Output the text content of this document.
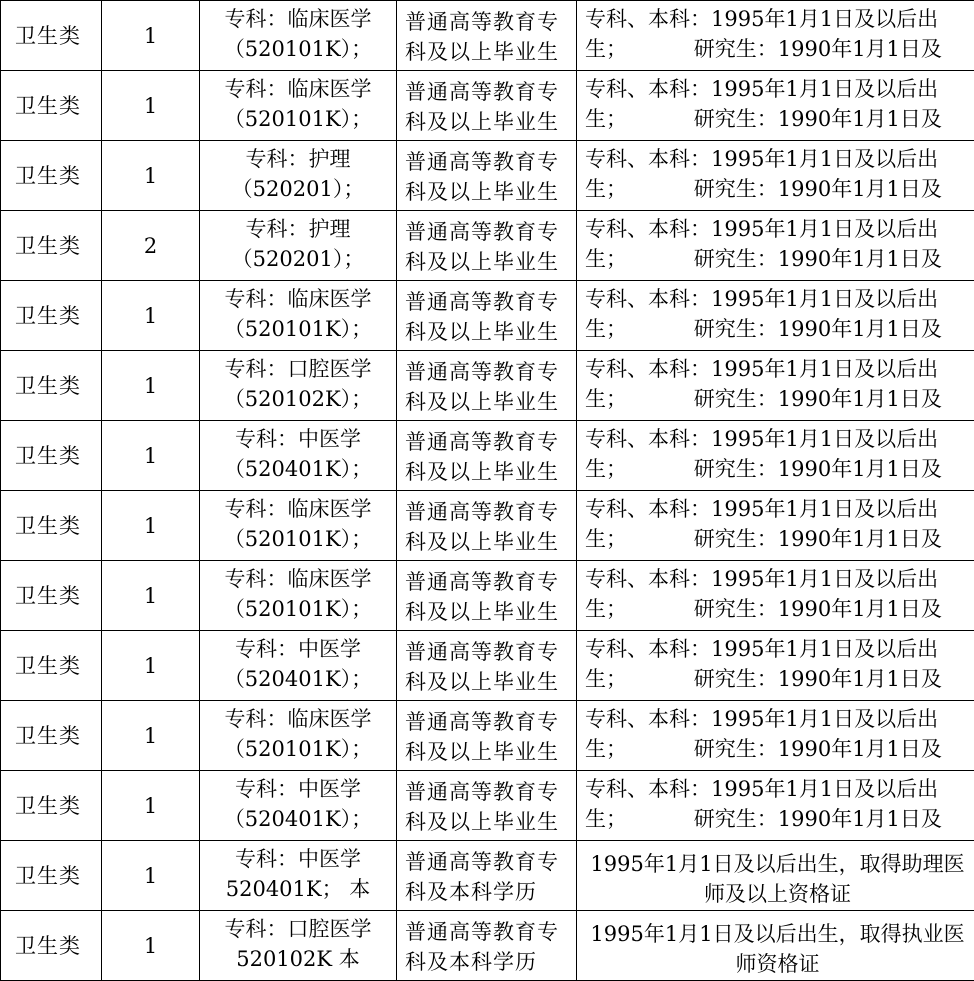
卫生类	1	专科：临床医学（520101K）；	普通高等教育专科及以上毕业生	专科、本科：1995年1月1日及以后出生；          研究生：1990年1月1日及

卫生类	1	专科：临床医学（520101K）；	普通高等教育专科及以上毕业生	专科、本科：1995年1月1日及以后出生；          研究生：1990年1月1日及

卫生类	1	专科：护理（520201）；	普通高等教育专科及以上毕业生	专科、本科：1995年1月1日及以后出生；          研究生：1990年1月1日及

卫生类	2	专科：护理（520201）；	普通高等教育专科及以上毕业生	专科、本科：1995年1月1日及以后出生；          研究生：1990年1月1日及

卫生类	1	专科：临床医学（520101K）；	普通高等教育专科及以上毕业生	专科、本科：1995年1月1日及以后出生；          研究生：1990年1月1日及

卫生类	1	专科：口腔医学（520102K）；	普通高等教育专科及以上毕业生	专科、本科：1995年1月1日及以后出生；          研究生：1990年1月1日及

卫生类	1	专科：中医学（520401K）；	普通高等教育专科及以上毕业生	专科、本科：1995年1月1日及以后出生；          研究生：1990年1月1日及

卫生类	1	专科：临床医学（520101K）；	普通高等教育专科及以上毕业生	专科、本科：1995年1月1日及以后出生；          研究生：1990年1月1日及

卫生类	1	专科：临床医学（520101K）；	普通高等教育专科及以上毕业生	专科、本科：1995年1月1日及以后出生；          研究生：1990年1月1日及

卫生类	1	专科：中医学（520401K）；	普通高等教育专科及以上毕业生	专科、本科：1995年1月1日及以后出生；          研究生：1990年1月1日及

卫生类	1	专科：临床医学（520101K）；	普通高等教育专科及以上毕业生	专科、本科：1995年1月1日及以后出生；          研究生：1990年1月1日及

卫生类	1	专科：中医学（520401K）；	普通高等教育专科及以上毕业生	专科、本科：1995年1月1日及以后出生；          研究生：1990年1月1日及

卫生类	1	专科：中医学520401K； 本	普通高等教育专科及本科学历	1995年1月1日及以后出生，取得助理医师及以上资格证

卫生类	1	专科：口腔医学520102K 本	普通高等教育专科及本科学历	1995年1月1日及以后出生，取得执业医师资格证
